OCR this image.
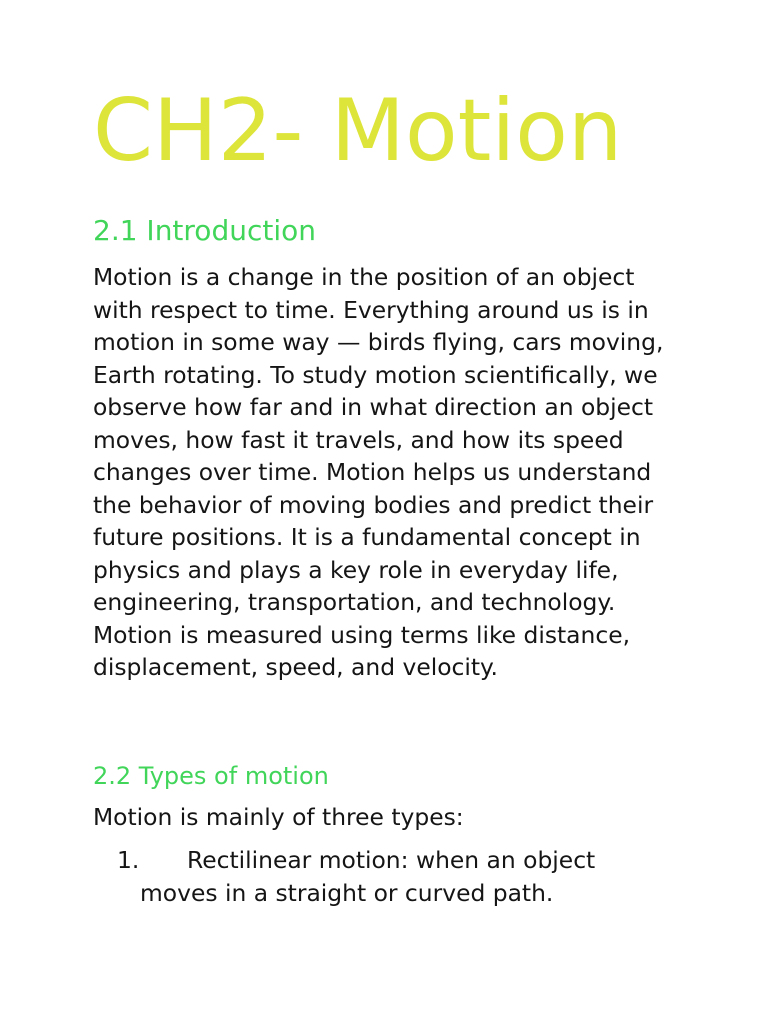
CH2- Motion
2.1 Introduction

Motion is a change in the position of an object with respect to time. Everything around us is in motion in some way — birds flying, cars moving, Earth rotating. To study motion scientifically, we observe how far and in what direction an object moves, how fast it travels, and how its speed changes over time. Motion helps us understand the behavior of moving bodies and predict their future positions. It is a fundamental concept in physics and plays a key role in everyday life, engineering, transportation, and technology. Motion is measured using terms like distance, displacement, speed, and velocity.

2.2 Types of motion

Motion is mainly of three types:

1. Rectilinear motion: when an object
moves in a straight or curved path.
